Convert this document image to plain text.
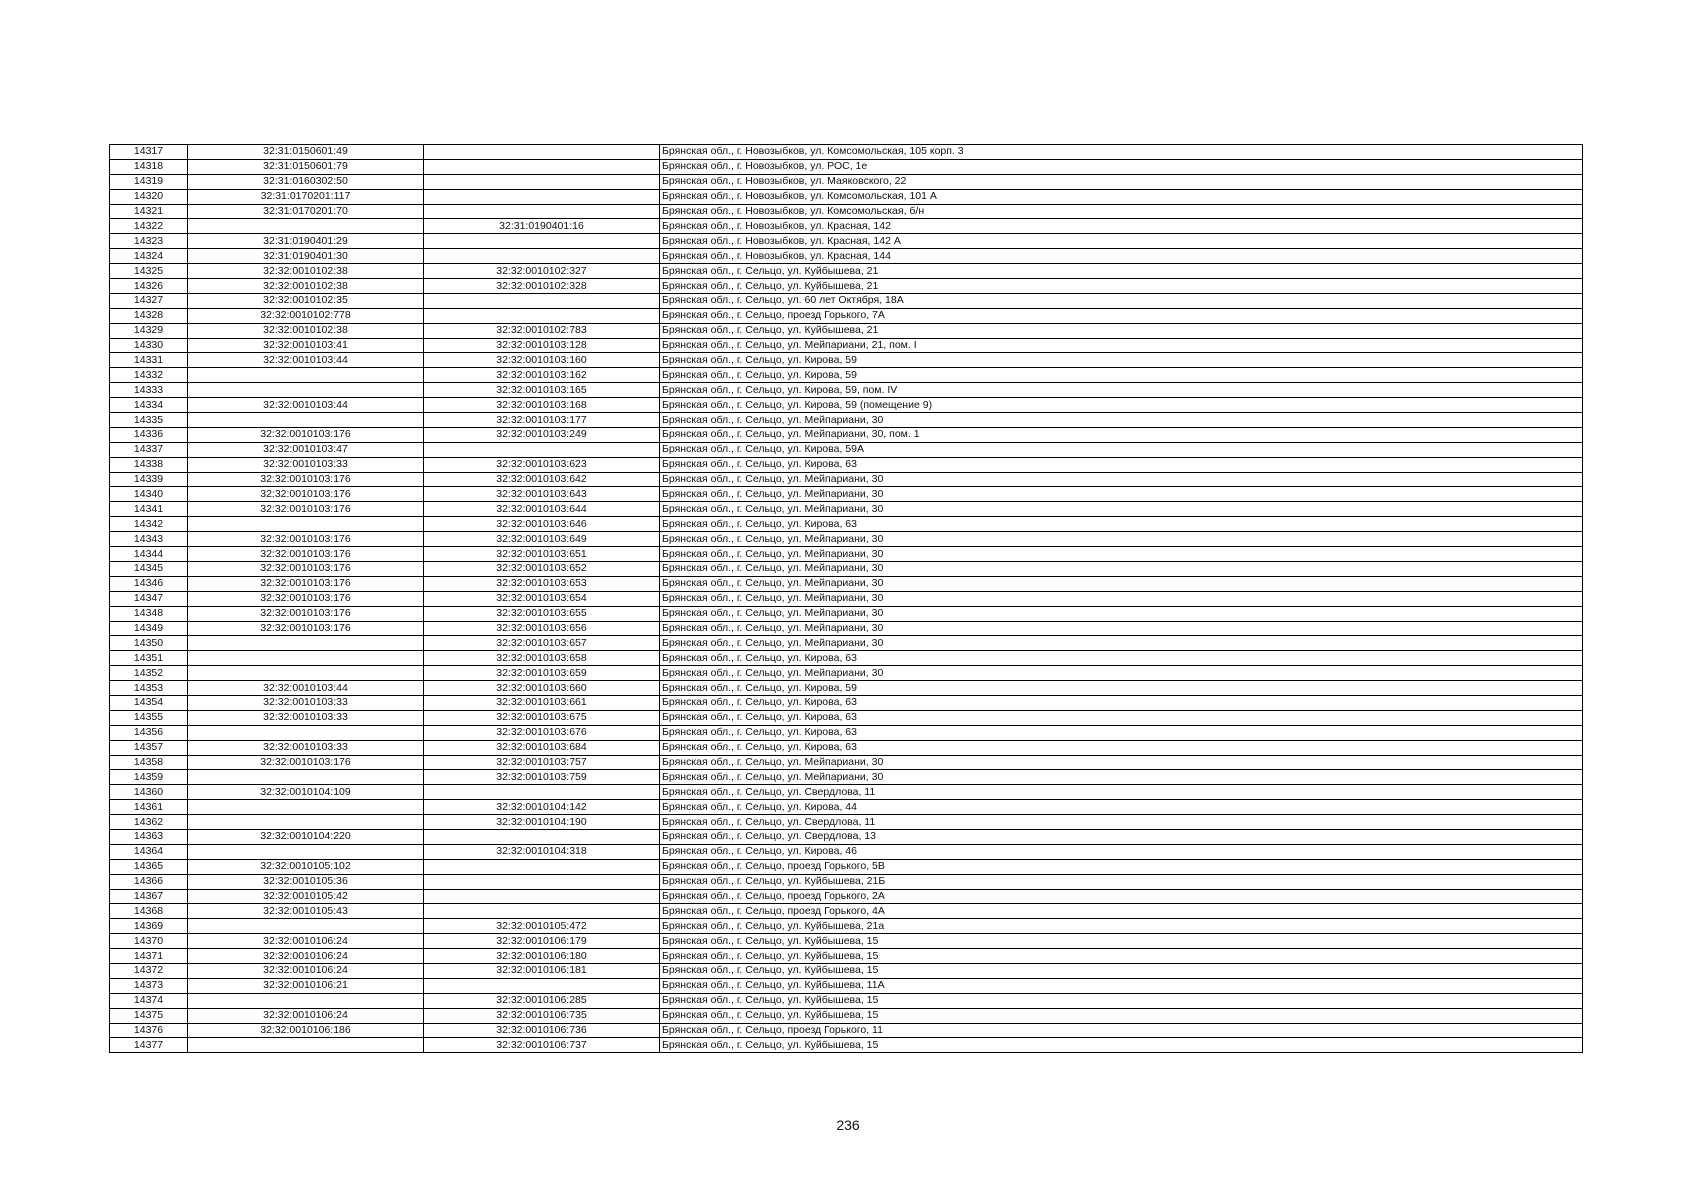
14317	32:31:0150601:49		Брянская обл., г. Новозыбков, ул. Комсомольская, 105 корп. 3
14318	32:31:0150601:79		Брянская обл., г. Новозыбков, ул. РОС, 1е
14319	32:31:0160302:50		Брянская обл., г. Новозыбков, ул. Маяковского, 22
14320	32:31:0170201:117		Брянская обл., г. Новозыбков, ул. Комсомольская, 101 А
14321	32:31:0170201:70		Брянская обл., г. Новозыбков, ул. Комсомольская, б/н
14322		32:31:0190401:16	Брянская обл., г. Новозыбков, ул. Красная, 142
14323	32:31:0190401:29		Брянская обл., г. Новозыбков, ул. Красная, 142 А
14324	32:31:0190401:30		Брянская обл., г. Новозыбков, ул. Красная, 144
14325	32:32:0010102:38	32:32:0010102:327	Брянская обл., г. Сельцо, ул. Куйбышева, 21
14326	32:32:0010102:38	32:32:0010102:328	Брянская обл., г. Сельцо, ул. Куйбышева, 21
14327	32:32:0010102:35		Брянская обл., г. Сельцо, ул. 60 лет Октября, 18А
14328	32:32:0010102:778		Брянская обл., г. Сельцо, проезд Горького, 7А
14329	32:32:0010102:38	32:32:0010102:783	Брянская обл., г. Сельцо, ул. Куйбышева, 21
14330	32:32:0010103:41	32:32:0010103:128	Брянская обл., г. Сельцо, ул. Мейпариани, 21, пом. I
14331	32:32:0010103:44	32:32:0010103:160	Брянская обл., г. Сельцо, ул. Кирова, 59
14332		32:32:0010103:162	Брянская обл., г. Сельцо, ул. Кирова, 59
14333		32:32:0010103:165	Брянская обл., г. Сельцо, ул. Кирова, 59, пом. IV
14334	32:32:0010103:44	32:32:0010103:168	Брянская обл., г. Сельцо, ул. Кирова, 59 (помещение 9)
14335		32:32:0010103:177	Брянская обл., г. Сельцо, ул. Мейпариани, 30
14336	32:32:0010103:176	32:32:0010103:249	Брянская обл., г. Сельцо, ул. Мейпариани, 30, пом. 1
14337	32:32:0010103:47		Брянская обл., г. Сельцо, ул. Кирова, 59А
14338	32:32:0010103:33	32:32:0010103:623	Брянская обл., г. Сельцо, ул. Кирова, 63
14339	32:32:0010103:176	32:32:0010103:642	Брянская обл., г. Сельцо, ул. Мейпариани, 30
14340	32:32:0010103:176	32:32:0010103:643	Брянская обл., г. Сельцо, ул. Мейпариани, 30
14341	32:32:0010103:176	32:32:0010103:644	Брянская обл., г. Сельцо, ул. Мейпариани, 30
14342		32:32:0010103:646	Брянская обл., г. Сельцо, ул. Кирова, 63
14343	32:32:0010103:176	32:32:0010103:649	Брянская обл., г. Сельцо, ул. Мейпариани, 30
14344	32:32:0010103:176	32:32:0010103:651	Брянская обл., г. Сельцо, ул. Мейпариани, 30
14345	32:32:0010103:176	32:32:0010103:652	Брянская обл., г. Сельцо, ул. Мейпариани, 30
14346	32:32:0010103:176	32:32:0010103:653	Брянская обл., г. Сельцо, ул. Мейпариани, 30
14347	32:32:0010103:176	32:32:0010103:654	Брянская обл., г. Сельцо, ул. Мейпариани, 30
14348	32:32:0010103:176	32:32:0010103:655	Брянская обл., г. Сельцо, ул. Мейпариани, 30
14349	32:32:0010103:176	32:32:0010103:656	Брянская обл., г. Сельцо, ул. Мейпариани, 30
14350		32:32:0010103:657	Брянская обл., г. Сельцо, ул. Мейпариани, 30
14351		32:32:0010103:658	Брянская обл., г. Сельцо, ул. Кирова, 63
14352		32:32:0010103:659	Брянская обл., г. Сельцо, ул. Мейпариани, 30
14353	32:32:0010103:44	32:32:0010103:660	Брянская обл., г. Сельцо, ул. Кирова, 59
14354	32:32:0010103:33	32:32:0010103:661	Брянская обл., г. Сельцо, ул. Кирова, 63
14355	32:32:0010103:33	32:32:0010103:675	Брянская обл., г. Сельцо, ул. Кирова, 63
14356		32:32:0010103:676	Брянская обл., г. Сельцо, ул. Кирова, 63
14357	32:32:0010103:33	32:32:0010103:684	Брянская обл., г. Сельцо, ул. Кирова, 63
14358	32:32:0010103:176	32:32:0010103:757	Брянская обл., г. Сельцо, ул. Мейпариани, 30
14359		32:32:0010103:759	Брянская обл., г. Сельцо, ул. Мейпариани, 30
14360	32:32:0010104:109		Брянская обл., г. Сельцо, ул. Свердлова, 11
14361		32:32:0010104:142	Брянская обл., г. Сельцо, ул. Кирова, 44
14362		32:32:0010104:190	Брянская обл., г. Сельцо, ул. Свердлова, 11
14363	32:32:0010104:220		Брянская обл., г. Сельцо, ул. Свердлова, 13
14364		32:32:0010104:318	Брянская обл., г. Сельцо, ул. Кирова, 46
14365	32:32:0010105:102		Брянская обл., г. Сельцо, проезд Горького, 5В
14366	32:32:0010105:36		Брянская обл., г. Сельцо, ул. Куйбышева, 21Б
14367	32:32:0010105:42		Брянская обл., г. Сельцо, проезд Горького, 2А
14368	32:32:0010105:43		Брянская обл., г. Сельцо, проезд Горького, 4А
14369		32:32:0010105:472	Брянская обл., г. Сельцо, ул. Куйбышева, 21а
14370	32:32:0010106:24	32:32:0010106:179	Брянская обл., г. Сельцо, ул. Куйбышева, 15
14371	32:32:0010106:24	32:32:0010106:180	Брянская обл., г. Сельцо, ул. Куйбышева, 15
14372	32:32:0010106:24	32:32:0010106:181	Брянская обл., г. Сельцо, ул. Куйбышева, 15
14373	32:32:0010106:21		Брянская обл., г. Сельцо, ул. Куйбышева, 11А
14374		32:32:0010106:285	Брянская обл., г. Сельцо, ул. Куйбышева, 15
14375	32:32:0010106:24	32:32:0010106:735	Брянская обл., г. Сельцо, ул. Куйбышева, 15
14376	32:32:0010106:186	32:32:0010106:736	Брянская обл., г. Сельцо, проезд Горького, 11
14377		32:32:0010106:737	Брянская обл., г. Сельцо, ул. Куйбышева, 15
236
